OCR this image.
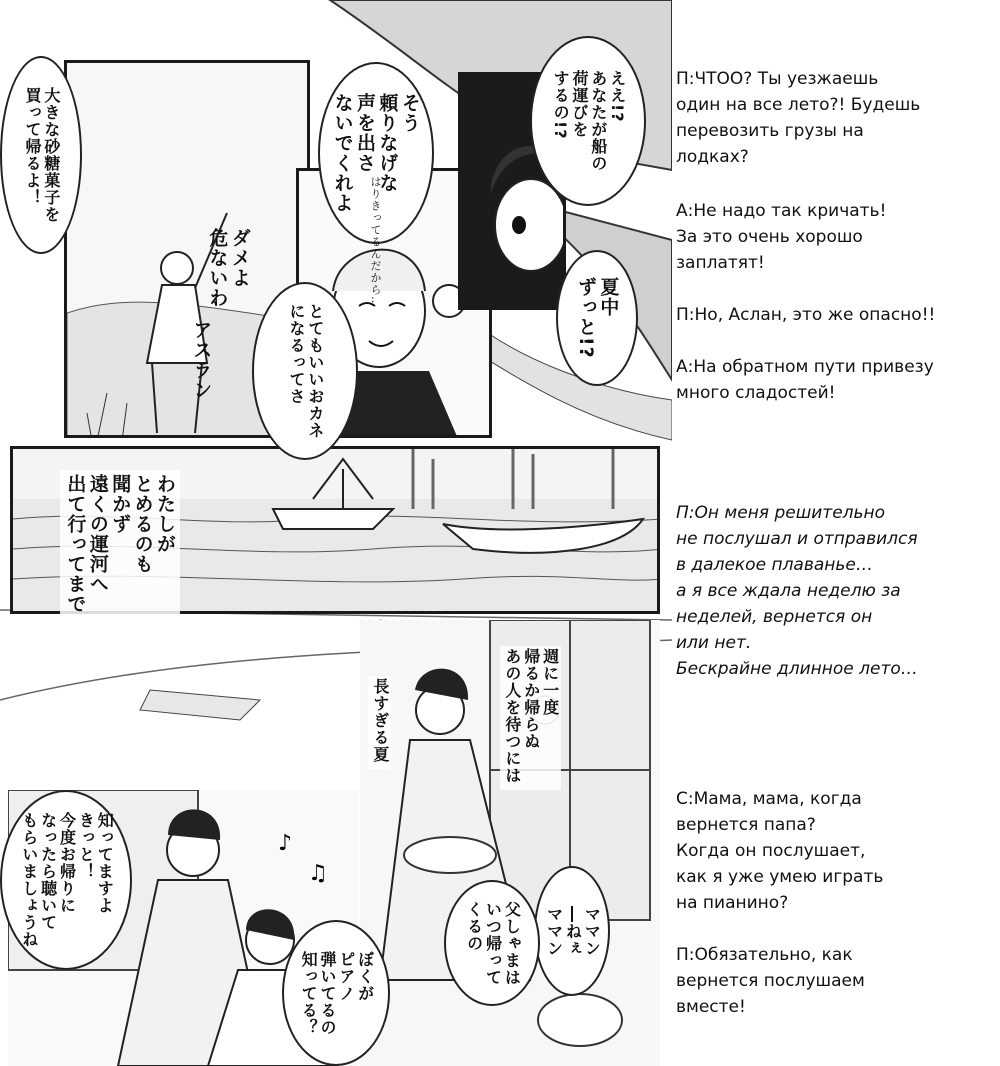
♪
♫
大きな砂糖菓子を
買って帰るよ！	そう
頼りなげな
声を出さ
ないでくれよ
ダメよ
危ないわ
アスラン	とてもいいおカネ
になるってさ
はりきってるんだから…
ええ!?
あなたが船の
荷運びを
するの!?
夏中
ずっと!?
わたしが
とめるのも
聞かず
遠くの運河へ
出て行ってまで
週に一度
帰るか帰らぬ
あの人を待つには
長すぎる夏
ママン
―ねぇ
ママン
父しゃまは
いつ帰って
くるの
ぼくが
ピアノ
弾いてるの
知ってる？
知ってますよ
きっと！
今度お帰りに
なったら聴いて
もらいましょうね

П:ЧТОО? Ты уезжаешь
один на все лето?! Будешь
перевозить грузы на
лодках?

А:Не надо так кричать!
За это очень хорошо
заплатят!

П:Но, Аслан, это же опасно!!

А:На обратном пути привезу
много сладостей!

П:Он меня решительно
не послушал и отправился
в далекое плаванье…
а я все ждала неделю за
неделей, вернется он
или нет.
Бескрайне длинное лето…

С:Мама, мама, когда
вернется папа?
Когда он послушает,
как я уже умею играть
на пианино?

П:Обязательно, как
вернется послушаем
вместе!
